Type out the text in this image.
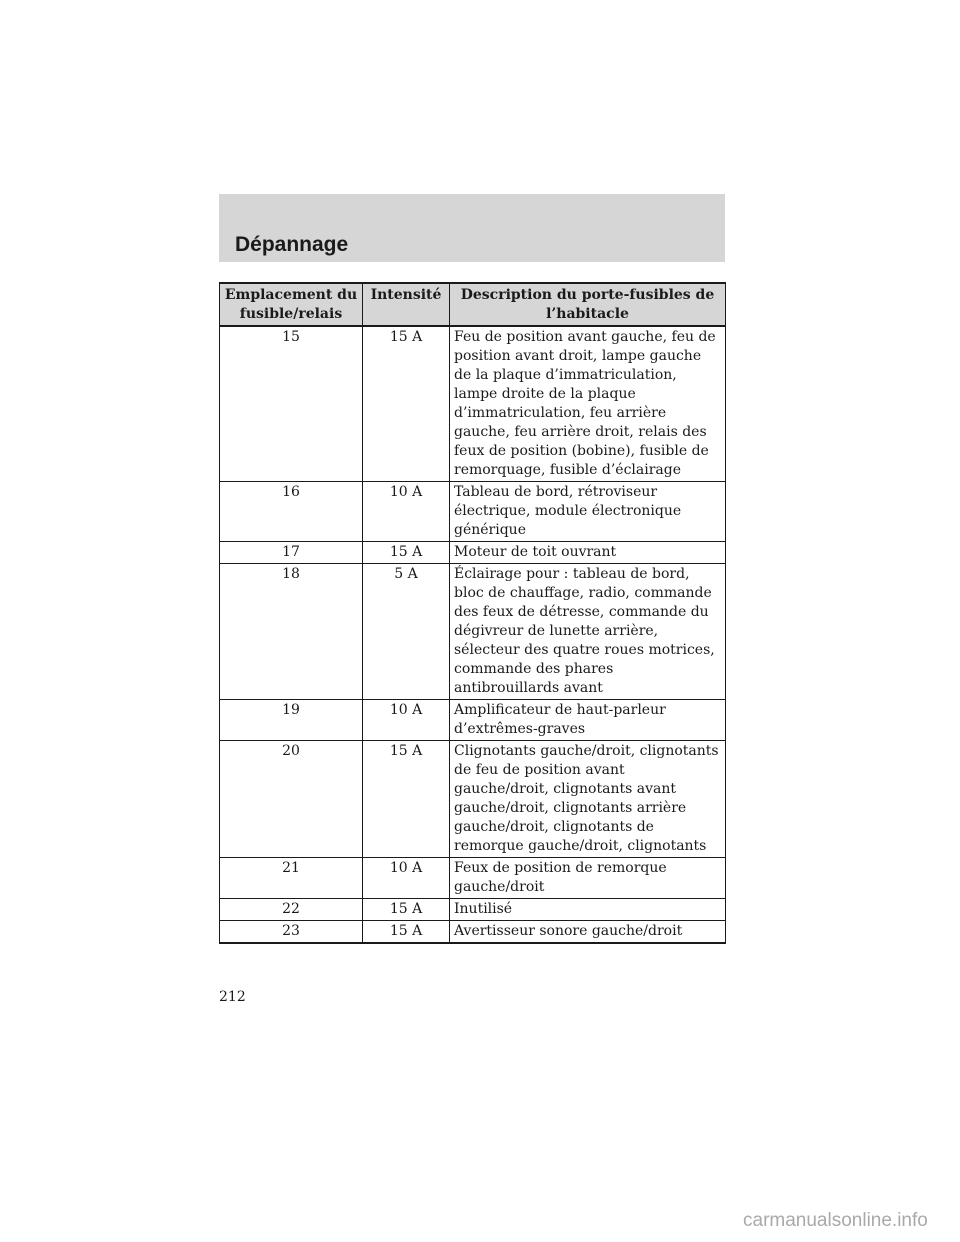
Dépannage
Emplacement du fusible/relais	Intensité	Description du porte-fusibles de l’habitacle
15	15 A	Feu de position avant gauche, feu de position avant droit, lampe gauche de la plaque d’immatriculation, lampe droite de la plaque d’immatriculation, feu arrière gauche, feu arrière droit, relais des feux de position (bobine), fusible de remorquage, fusible d’éclairage
16	10 A	Tableau de bord, rétroviseur électrique, module électronique générique
17	15 A	Moteur de toit ouvrant
18	5 A	Éclairage pour : tableau de bord, bloc de chauffage, radio, commande des feux de détresse, commande du dégivreur de lunette arrière, sélecteur des quatre roues motrices, commande des phares antibrouillards avant
19	10 A	Amplificateur de haut-parleur d’extrêmes-graves
20	15 A	Clignotants gauche/droit, clignotants de feu de position avant gauche/droit, clignotants avant gauche/droit, clignotants arrière gauche/droit, clignotants de remorque gauche/droit, clignotants
21	10 A	Feux de position de remorque gauche/droit
22	15 A	Inutilisé
23	15 A	Avertisseur sonore gauche/droit
212
carmanualsonline.info
